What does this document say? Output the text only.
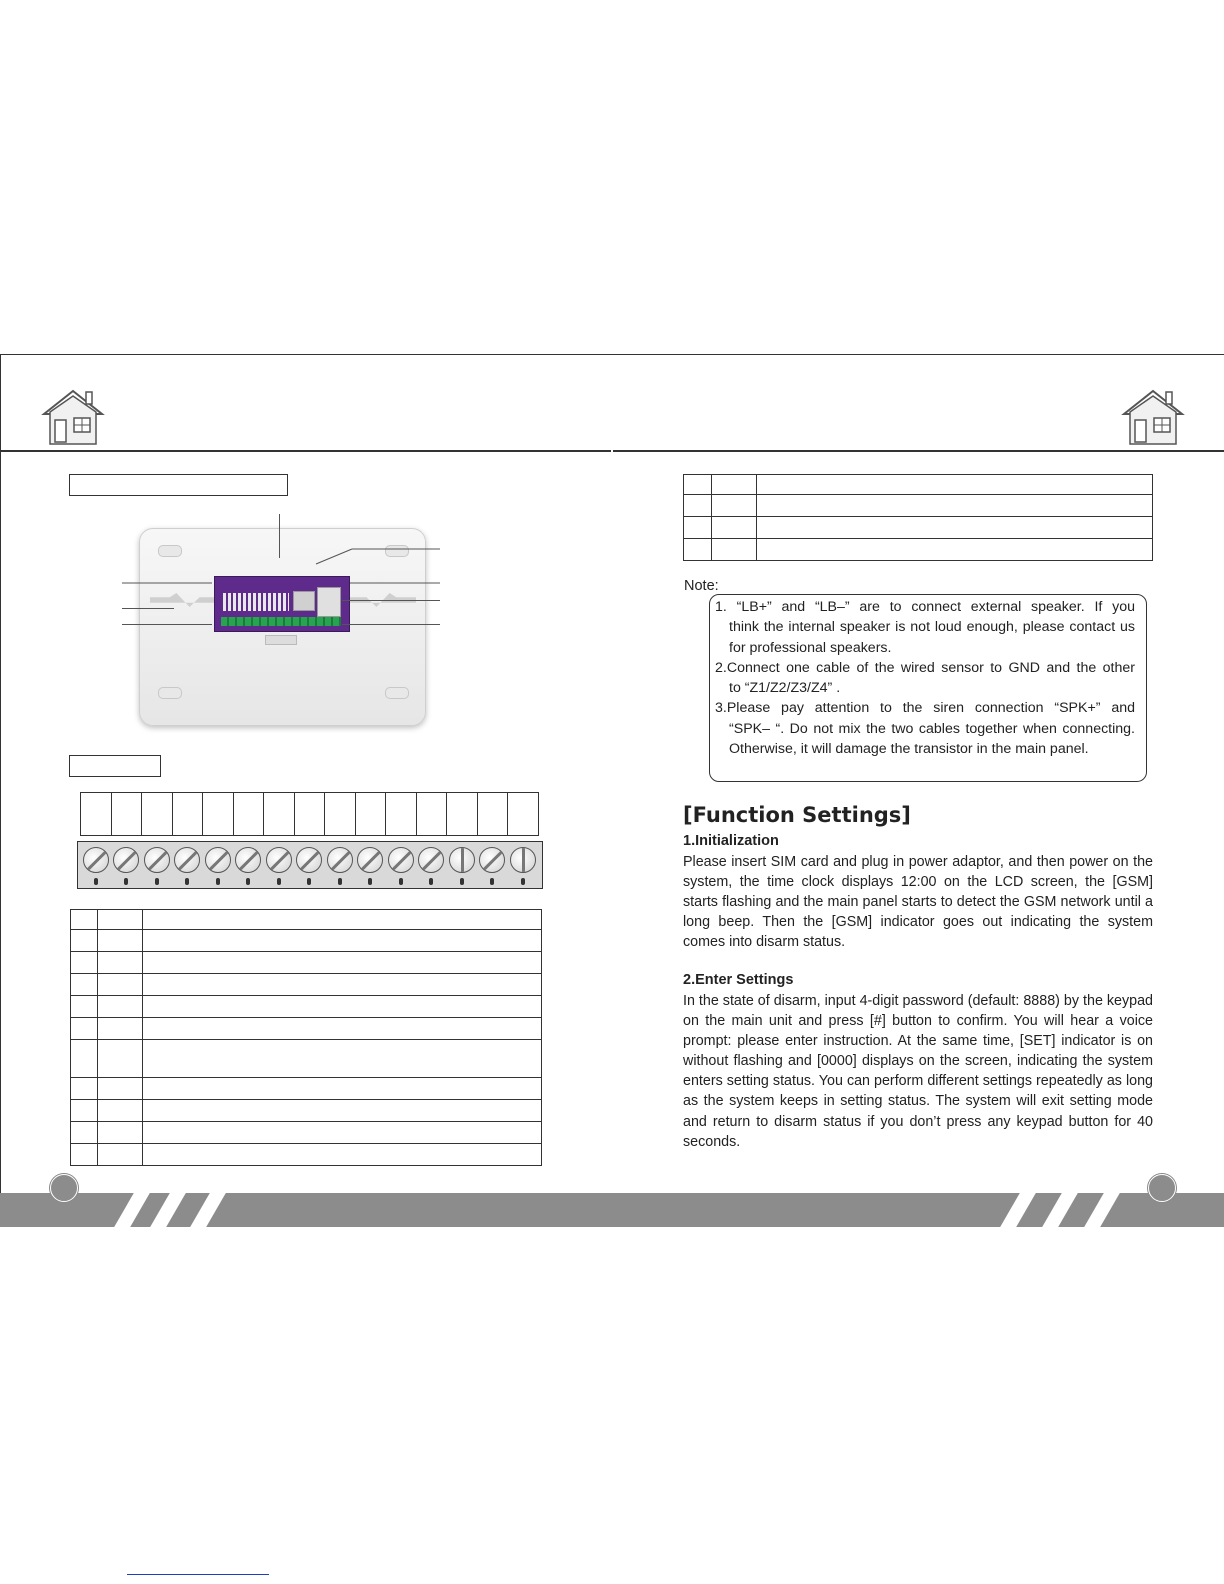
Note:

1. “LB+” and “LB–” are to connect external speaker. If you

think the internal speaker is not loud enough, please contact us for professional speakers.

2.Connect one cable of the wired sensor to GND and the other

to “Z1/Z2/Z3/Z4” .

3.Please pay attention to the siren connection “SPK+” and

“SPK– “. Do not mix the two cables together when connecting. Otherwise, it will damage the transistor in the main panel.

[Function Settings]
1.Initialization

Please insert SIM card and plug in power adaptor, and then power on the system, the time clock displays 12:00 on the LCD screen, the [GSM] starts flashing and the main panel starts to detect the GSM network until a long beep. Then the [GSM] indicator goes out indicating the system comes into disarm status.

2.Enter Settings

In the state of disarm, input 4-digit password (default: 8888) by the keypad on the main unit and press [#] button to confirm. You will hear a voice prompt: please enter instruction. At the same time, [SET] indicator is on without flashing and [0000] displays on the screen, indicating the system enters setting status. You can perform different settings repeatedly as long as the system keeps in setting status. The system will exit setting mode and return to disarm status if you don’t press any keypad button for 40 seconds.
